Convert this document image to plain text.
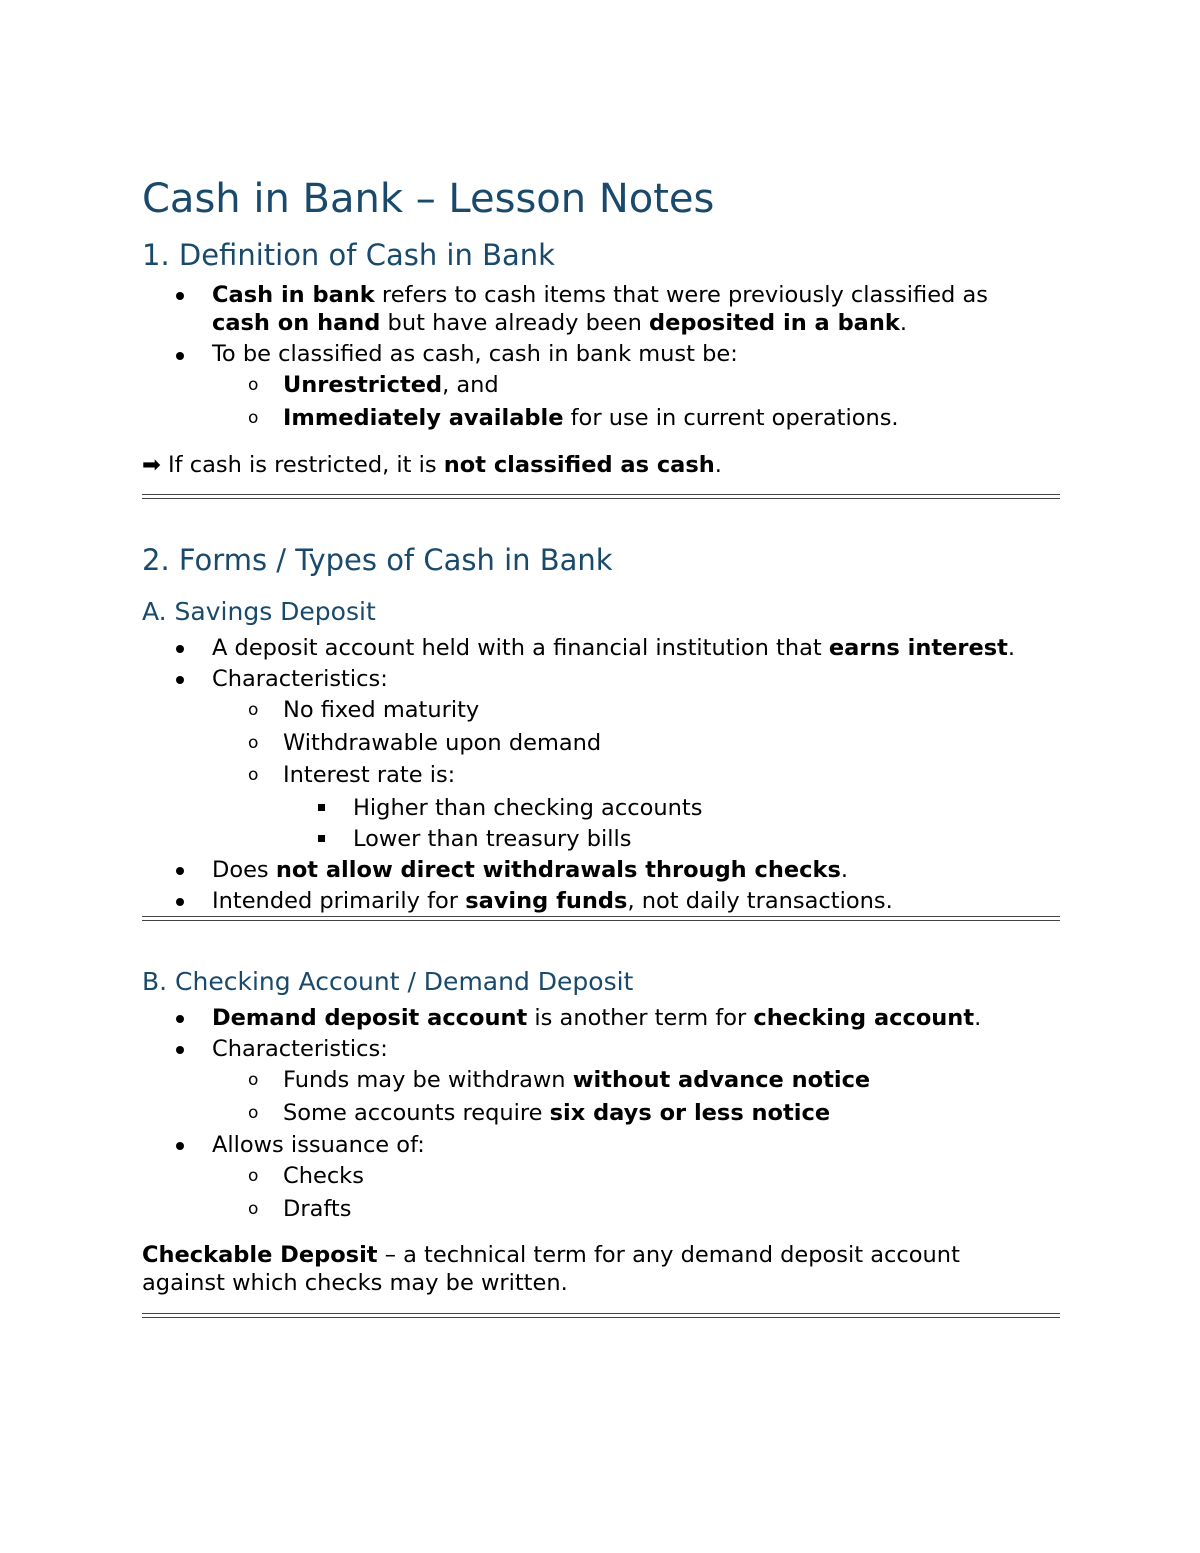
Cash in Bank – Lesson Notes
1. Definition of Cash in Bank
Cash in bank refers to cash items that were previously classified as
cash on hand but have already been deposited in a bank.
To be classified as cash, cash in bank must be:
o Unrestricted, and
o Immediately available for use in current operations.
➡ If cash is restricted, it is not classified as cash.
2. Forms / Types of Cash in Bank
A. Savings Deposit
A deposit account held with a financial institution that earns interest.
Characteristics:
o No fixed maturity
o Withdrawable upon demand
o Interest rate is:
Higher than checking accounts
Lower than treasury bills
Does not allow direct withdrawals through checks.
Intended primarily for saving funds, not daily transactions.
B. Checking Account / Demand Deposit
Demand deposit account is another term for checking account.
Characteristics:
o Funds may be withdrawn without advance notice
o Some accounts require six days or less notice
Allows issuance of:
o Checks
o Drafts
Checkable Deposit – a technical term for any demand deposit account
against which checks may be written.
